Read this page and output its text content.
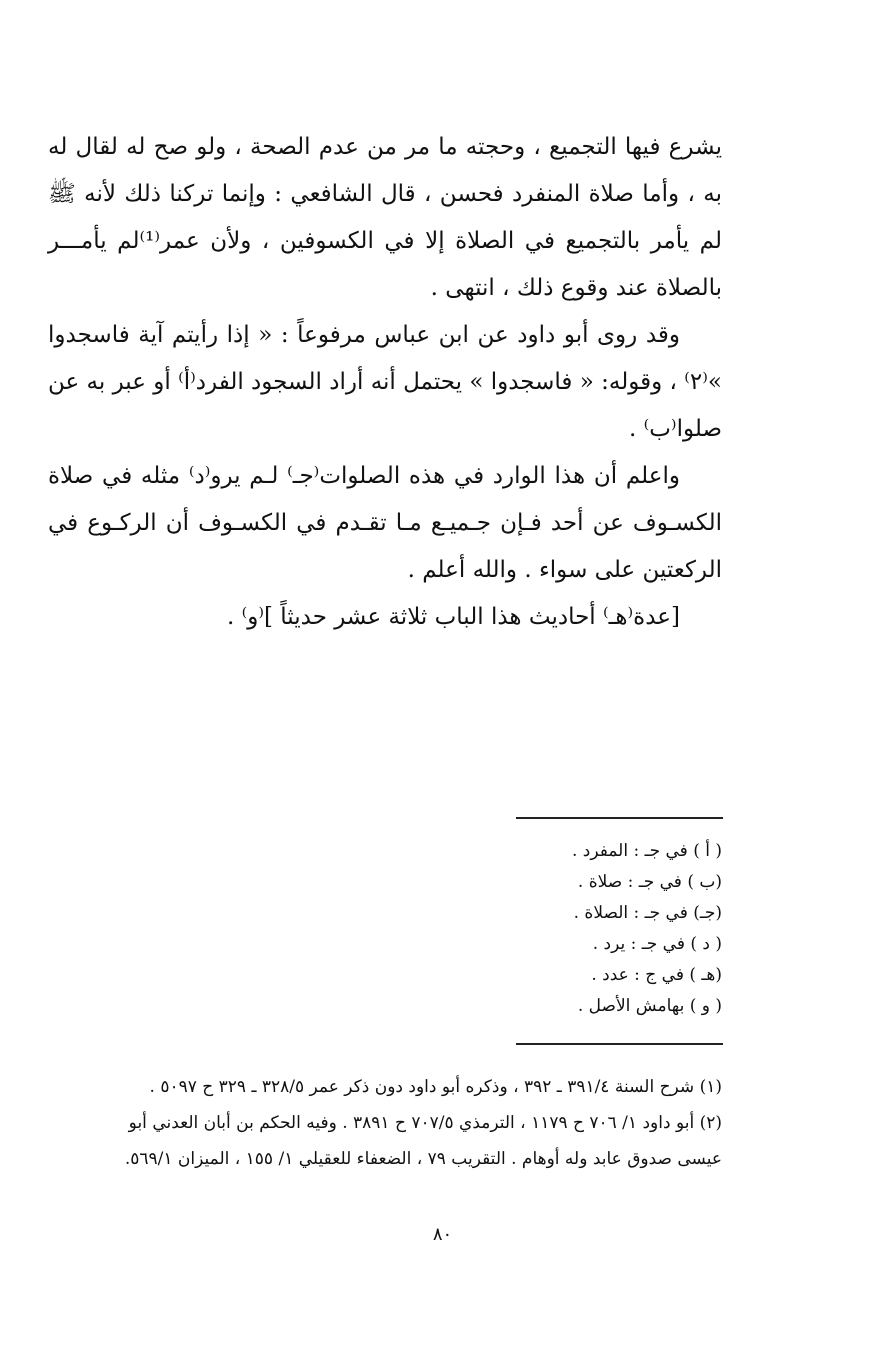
يشرع فيها التجميع ، وحجته ما مر من عدم الصحة ، ولو صح له لقال له به ، وأما صلاة المنفرد فحسن ، قال الشافعي : وإنما تركنا ذلك لأنه ﷺ لم يأمر بالتجميع في الصلاة إلا في الكسوفين ، ولأن عمر⁽¹⁾لم يأمـــر بالصلاة عند وقوع ذلك ، انتهى .

وقد روى أبو داود عن ابن عباس مرفوعاً : « إذا رأيتم آية فاسجدوا »⁽٢⁾ ، وقوله: « فاسجدوا » يحتمل أنه أراد السجود الفرد⁽أ⁾ أو عبر به عن صلوا⁽ب⁾ .

واعلم أن هذا الوارد في هذه الصلوات⁽جـ⁾ لـم يرو⁽د⁾ مثله في صلاة الكسـوف عن أحد فـإن جـميـع مـا تقـدم في الكسـوف أن الركـوع في الركعتين على سواء . والله أعلم .

[عدة⁽هـ⁾ أحاديث هذا الباب ثلاثة عشر حديثاً ]⁽و⁾ .

( أ ) في جـ : المفرد .
(ب ) في جـ : صلاة .
(جـ) في جـ : الصلاة .
( د ) في جـ : يرد .
(هـ ) في ج : عدد .
( و ) بهامش الأصل .
(١) شرح السنة ٣٩١/٤ ـ ٣٩٢ ، وذكره أبو داود دون ذكر عمر ٣٢٨/٥ ـ ٣٢٩ ح ٥٠٩٧ .
(٢) أبو داود ١/ ٧٠٦ ح ١١٧٩ ، الترمذي ٧٠٧/٥ ح ٣٨٩١ . وفيه الحكم بن أبان العدني أبو
عيسى صدوق عابد وله أوهام . التقريب ٧٩ ، الضعفاء للعقيلي ١/ ١٥٥ ، الميزان ٥٦٩/١.
٨٠
